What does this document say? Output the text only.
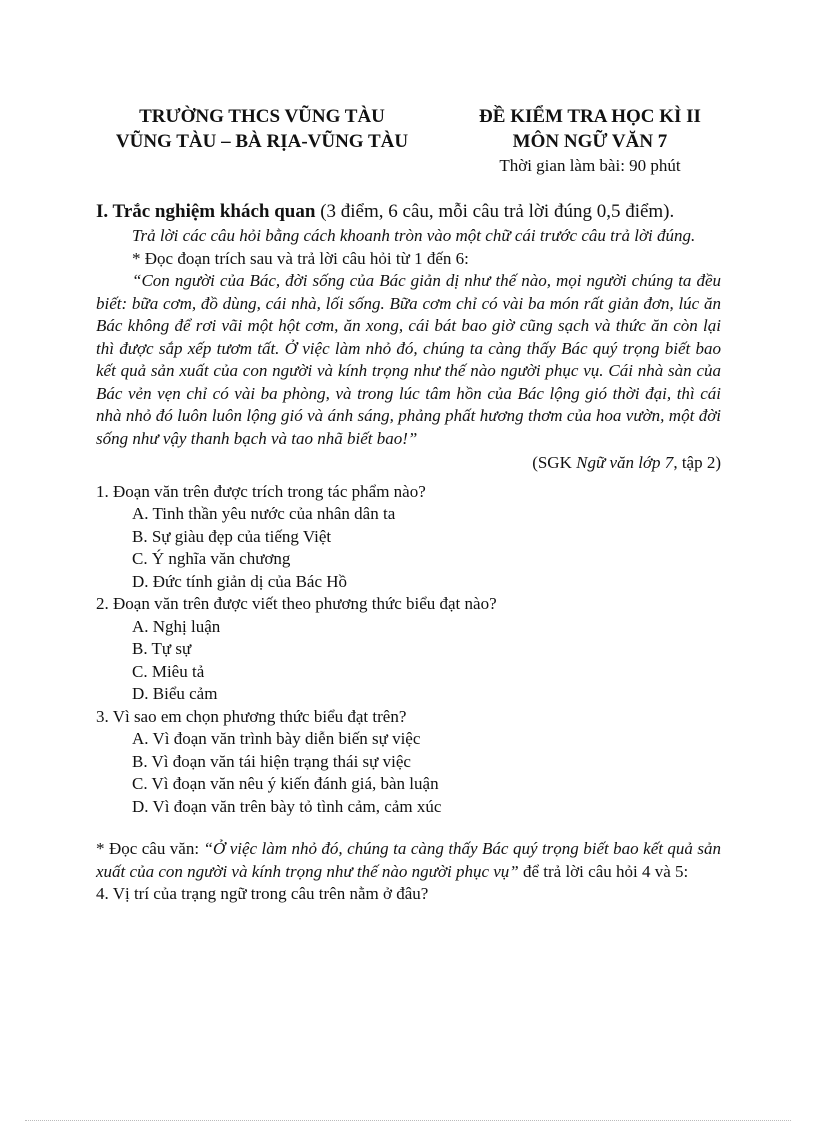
TRƯỜNG THCS VŨNG TÀU
VŨNG TÀU – BÀ RỊA-VŨNG TÀU
ĐỀ KIỂM TRA HỌC KÌ II
MÔN NGỮ VĂN 7
Thời gian làm bài: 90 phút

I. Trắc nghiệm khách quan (3 điểm, 6 câu, mỗi câu trả lời đúng 0,5 điểm).

Trả lời các câu hỏi bằng cách khoanh tròn vào một chữ cái trước câu trả lời đúng.

* Đọc đoạn trích sau và trả lời câu hỏi từ 1 đến 6:

“Con người của Bác, đời sống của Bác giản dị như thế nào, mọi người chúng ta đều biết: bữa cơm, đồ dùng, cái nhà, lối sống. Bữa cơm chỉ có vài ba món rất giản đơn, lúc ăn Bác không để rơi vãi một hột cơm, ăn xong, cái bát bao giờ cũng sạch và thức ăn còn lại thì được sắp xếp tươm tất. Ở việc làm nhỏ đó, chúng ta càng thấy Bác quý trọng biết bao kết quả sản xuất của con người và kính trọng như thế nào người phục vụ. Cái nhà sàn của Bác vẻn vẹn chỉ có vài ba phòng, và trong lúc tâm hồn của Bác lộng gió thời đại, thì cái nhà nhỏ đó luôn luôn lộng gió và ánh sáng, phảng phất hương thơm của hoa vườn, một đời sống như vậy thanh bạch và tao nhã biết bao!”

(SGK Ngữ văn lớp 7, tập 2)

1. Đoạn văn trên được trích trong tác phẩm nào?

A. Tinh thần yêu nước của nhân dân ta
B. Sự giàu đẹp của tiếng Việt
C. Ý nghĩa văn chương
D. Đức tính giản dị của Bác Hồ

2. Đoạn văn trên được viết theo phương thức biểu đạt nào?

A. Nghị luận
B. Tự sự
C. Miêu tả
D. Biểu cảm

3. Vì sao em chọn phương thức biểu đạt trên?

A. Vì đoạn văn trình bày diễn biến sự việc
B. Vì đoạn văn tái hiện trạng thái sự việc
C. Vì đoạn văn nêu ý kiến đánh giá, bàn luận
D. Vì đoạn văn trên bày tỏ tình cảm, cảm xúc

* Đọc câu văn: “Ở việc làm nhỏ đó, chúng ta càng thấy Bác quý trọng biết bao kết quả sản xuất của con người và kính trọng như thế nào người phục vụ” để trả lời câu hỏi 4 và 5:

4. Vị trí của trạng ngữ trong câu trên nằm ở đâu?
